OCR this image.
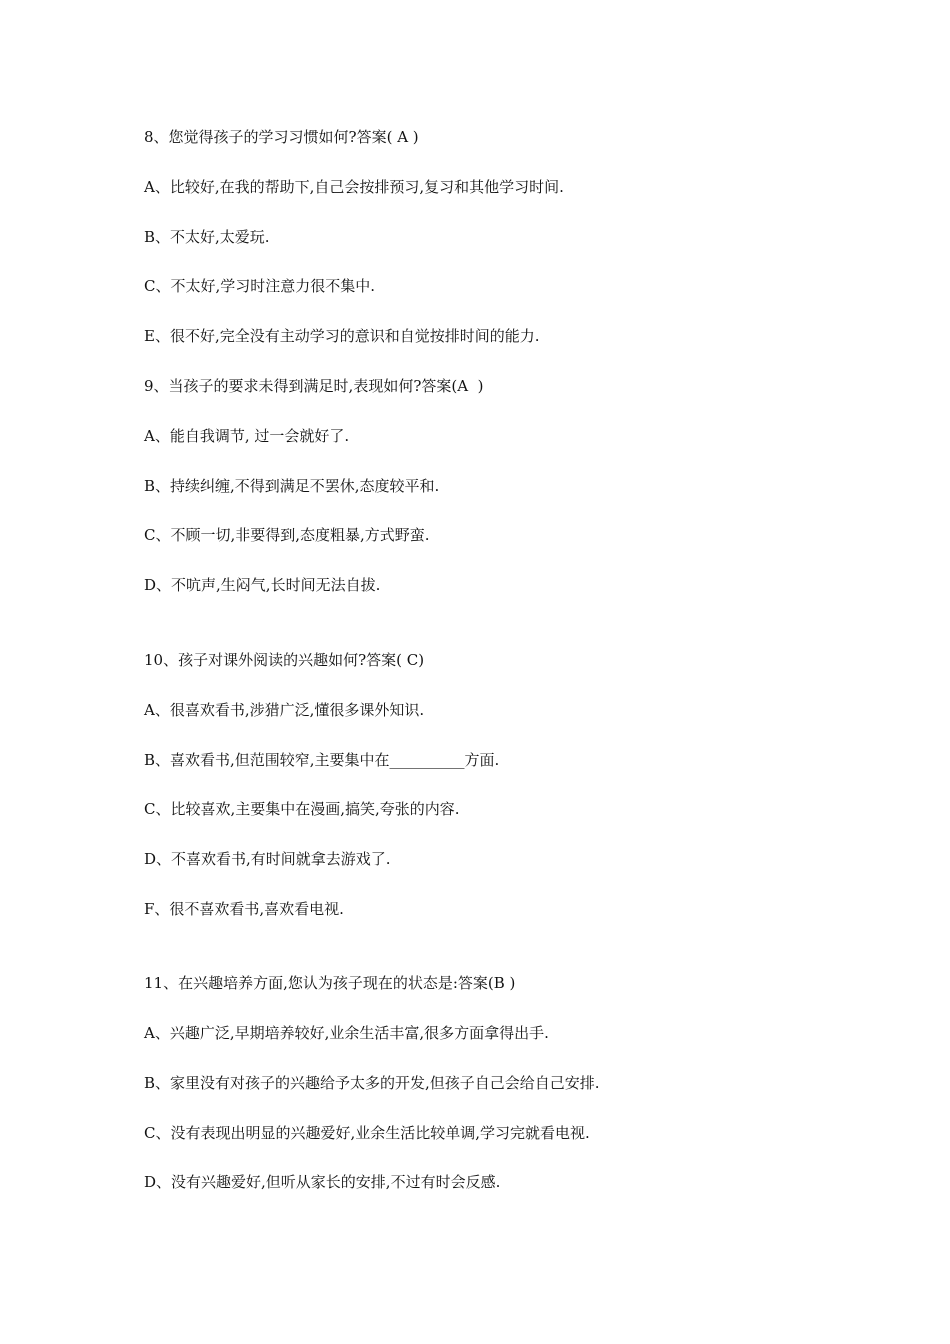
8、您觉得孩子的学习习惯如何?答案( A )
A、比较好,在我的帮助下,自己会按排预习,复习和其他学习时间.
B、不太好,太爱玩.
C、不太好,学习时注意力很不集中.
E、很不好,完全没有主动学习的意识和自觉按排时间的能力.
9、当孩子的要求未得到满足时,表现如何?答案(A  )
A、能自我调节, 过一会就好了.
B、持续纠缠,不得到满足不罢休,态度较平和.
C、不顾一切,非要得到,态度粗暴,方式野蛮.
D、不吭声,生闷气,长时间无法自拔.
10、孩子对课外阅读的兴趣如何?答案( C)
A、很喜欢看书,涉猎广泛,懂很多课外知识.
B、喜欢看书,但范围较窄,主要集中在__________方面.
C、比较喜欢,主要集中在漫画,搞笑,夸张的内容.
D、不喜欢看书,有时间就拿去游戏了.
F、很不喜欢看书,喜欢看电视.
11、在兴趣培养方面,您认为孩子现在的状态是:答案(B )
A、兴趣广泛,早期培养较好,业余生活丰富,很多方面拿得出手.
B、家里没有对孩子的兴趣给予太多的开发,但孩子自己会给自己安排.
C、没有表现出明显的兴趣爱好,业余生活比较单调,学习完就看电视.
D、没有兴趣爱好,但听从家长的安排,不过有时会反感.
